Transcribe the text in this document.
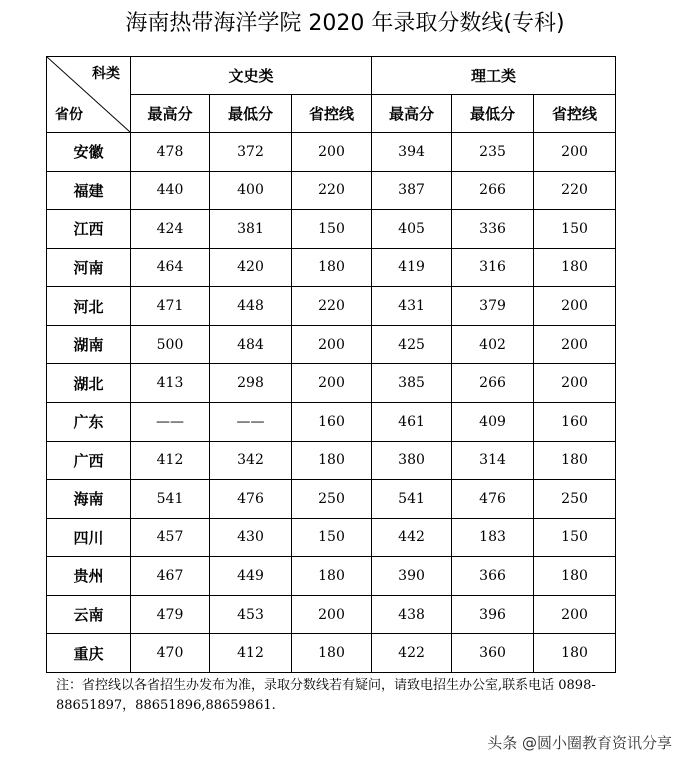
海南热带海洋学院 2020 年录取分数线(专科)
科类
省份	文史类			理工类		
	最高分	最低分	省控线	最高分	最低分	省控线
安徽	478	372	200	394	235	200
福建	440	400	220	387	266	220
江西	424	381	150	405	336	150
河南	464	420	180	419	316	180
河北	471	448	220	431	379	200
湖南	500	484	200	425	402	200
湖北	413	298	200	385	266	200
广东	——	——	160	461	409	160
广西	412	342	180	380	314	180
海南	541	476	250	541	476	250
四川	457	430	150	442	183	150
贵州	467	449	180	390	366	180
云南	479	453	200	438	396	200
重庆	470	412	180	422	360	180
注：省控线以各省招生办发布为准，录取分数线若有疑问，请致电招生办公室,联系电话 0898-88651897，88651896,88659861.
头条 @圆小圈教育资讯分享
